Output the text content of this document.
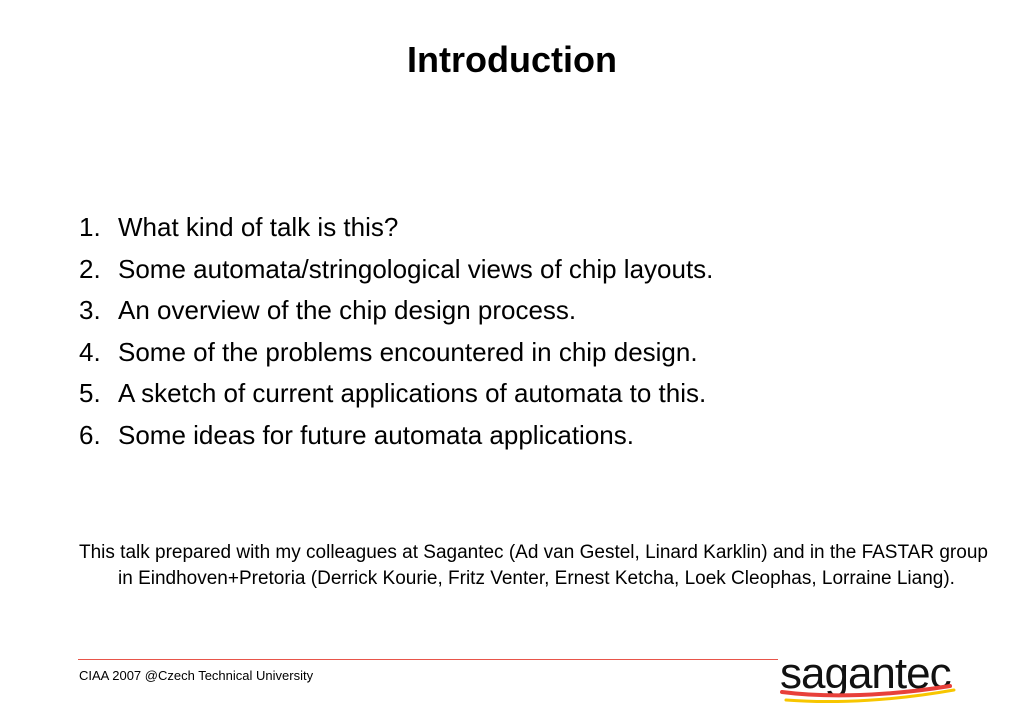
Introduction
1. What kind of talk is this?
2. Some automata/stringological views of chip layouts.
3. An overview of the chip design process.
4. Some of the problems encountered in chip design.
5. A sketch of current applications of automata to this.
6. Some ideas for future automata applications.

This talk prepared with my colleagues at Sagantec (Ad van Gestel, Linard Karklin) and in the FASTAR group in Eindhoven+Pretoria (Derrick Kourie, Fritz Venter, Ernest Ketcha, Loek Cleophas, Lorraine Liang).

CIAA 2007 @Czech Technical University	sagantec
